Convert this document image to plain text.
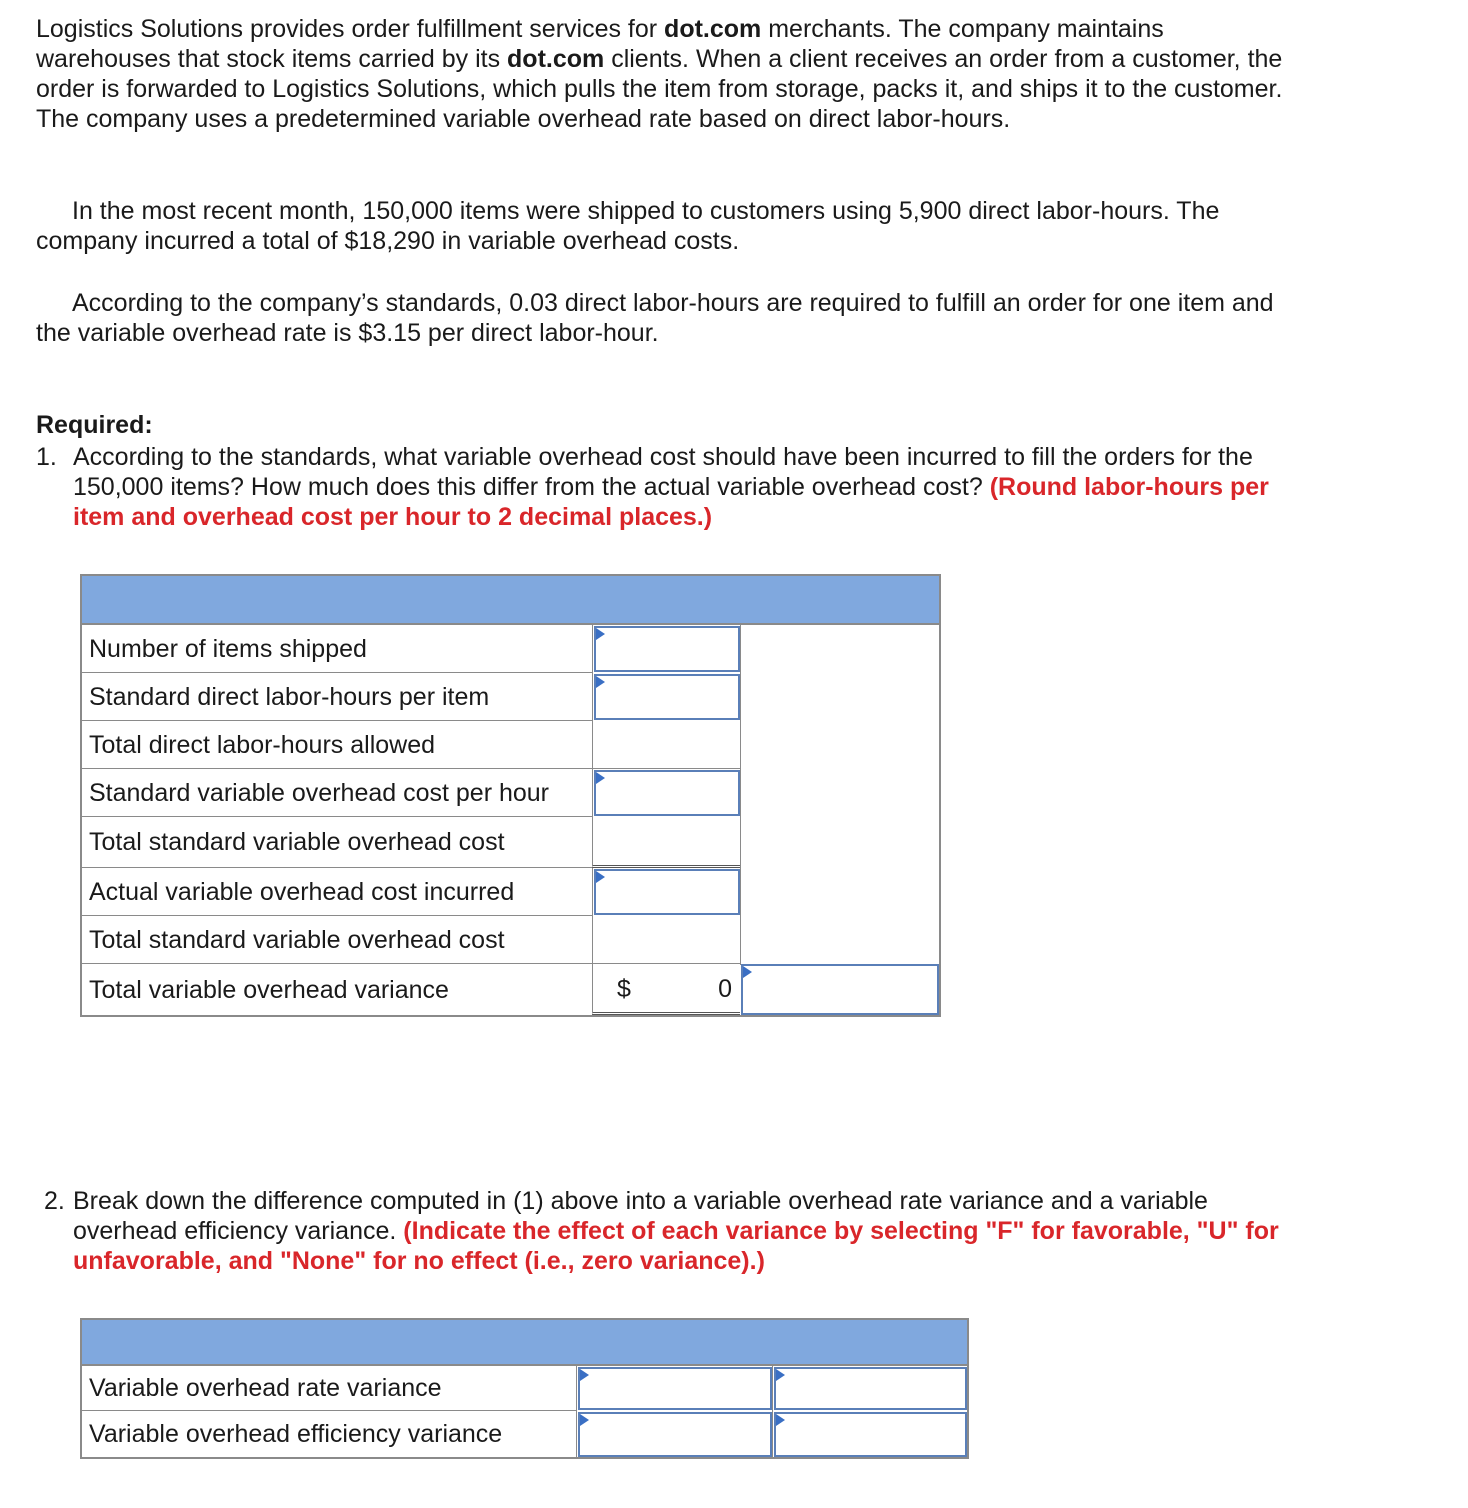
Logistics Solutions provides order fulfillment services for dot.com merchants. The company maintains warehouses that stock items carried by its dot.com clients. When a client receives an order from a customer, the order is forwarded to Logistics Solutions, which pulls the item from storage, packs it, and ships it to the customer. The company uses a predetermined variable overhead rate based on direct labor-hours.

In the most recent month, 150,000 items were shipped to customers using 5,900 direct labor-hours. The company incurred a total of $18,290 in variable overhead costs.

According to the company’s standards, 0.03 direct labor-hours are required to fulfill an order for one item and the variable overhead rate is $3.15 per direct labor-hour.

Required:

1. According to the standards, what variable overhead cost should have been incurred to fill the orders for the 150,000 items? How much does this differ from the actual variable overhead cost? (Round labor-hours per item and overhead cost per hour to 2 decimal places.)
Number of items shipped
Standard direct labor-hours per item
Total direct labor-hours allowed
Standard variable overhead cost per hour
Total standard variable overhead cost
Actual variable overhead cost incurred
Total standard variable overhead cost
Total variable overhead variance	$	0
2. Break down the difference computed in (1) above into a variable overhead rate variance and a variable overhead efficiency variance. (Indicate the effect of each variance by selecting "F" for favorable, "U" for unfavorable, and "None" for no effect (i.e., zero variance).)
Variable overhead rate variance
Variable overhead efficiency variance
